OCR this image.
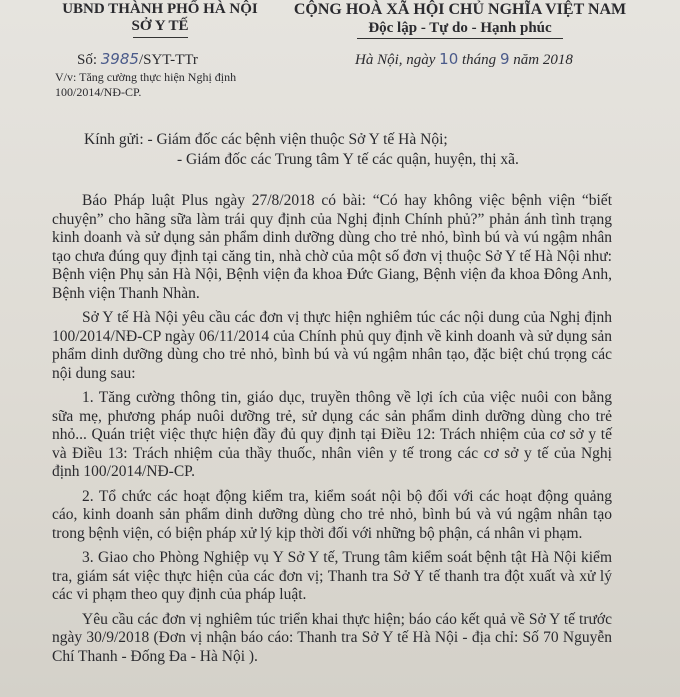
UBND THÀNH PHỐ HÀ NỘI
SỞ Y TẾ
CỘNG HOÀ XÃ HỘI CHỦ NGHĨA VIỆT NAM
Độc lập - Tự do - Hạnh phúc
Số: 3985/SYT-TTr	Hà Nội, ngày 10 tháng 9 năm 2018
V/v: Tăng cường thực hiện Nghị định 100/2014/NĐ-CP.
Kính gửi: - Giám đốc các bệnh viện thuộc Sở Y tế Hà Nội;
- Giám đốc các Trung tâm Y tế các quận, huyện, thị xã.

Báo Pháp luật Plus ngày 27/8/2018 có bài: “Có hay không việc bệnh viện “biết chuyện” cho hãng sữa làm trái quy định của Nghị định Chính phủ?” phản ánh tình trạng kinh doanh và sử dụng sản phẩm dinh dưỡng dùng cho trẻ nhỏ, bình bú và vú ngậm nhân tạo chưa đúng quy định tại căng tin, nhà chờ của một số đơn vị thuộc Sở Y tế Hà Nội như: Bệnh viện Phụ sản Hà Nội, Bệnh viện đa khoa Đức Giang, Bệnh viện đa khoa Đông Anh, Bệnh viện Thanh Nhàn.

Sở Y tế Hà Nội yêu cầu các đơn vị thực hiện nghiêm túc các nội dung của Nghị định 100/2014/NĐ-CP ngày 06/11/2014 của Chính phủ quy định về kinh doanh và sử dụng sản phẩm dinh dưỡng dùng cho trẻ nhỏ, bình bú và vú ngậm nhân tạo, đặc biệt chú trọng các nội dung sau:

1. Tăng cường thông tin, giáo dục, truyền thông về lợi ích của việc nuôi con bằng sữa mẹ, phương pháp nuôi dưỡng trẻ, sử dụng các sản phẩm dinh dưỡng dùng cho trẻ nhỏ... Quán triệt việc thực hiện đầy đủ quy định tại Điều 12: Trách nhiệm của cơ sở y tế và Điều 13: Trách nhiệm của thầy thuốc, nhân viên y tế trong các cơ sở y tế của Nghị định 100/2014/NĐ-CP.

2. Tổ chức các hoạt động kiểm tra, kiểm soát nội bộ đối với các hoạt động quảng cáo, kinh doanh sản phẩm dinh dưỡng dùng cho trẻ nhỏ, bình bú và vú ngậm nhân tạo trong bệnh viện, có biện pháp xử lý kịp thời đối với những bộ phận, cá nhân vi phạm.

3. Giao cho Phòng Nghiệp vụ Y Sở Y tế, Trung tâm kiểm soát bệnh tật Hà Nội kiểm tra, giám sát việc thực hiện của các đơn vị; Thanh tra Sở Y tế thanh tra đột xuất và xử lý các vi phạm theo quy định của pháp luật.

Yêu cầu các đơn vị nghiêm túc triển khai thực hiện; báo cáo kết quả về Sở Y tế trước ngày 30/9/2018 (Đơn vị nhận báo cáo: Thanh tra Sở Y tế Hà Nội - địa chỉ: Số 70 Nguyễn Chí Thanh - Đống Đa - Hà Nội ).
